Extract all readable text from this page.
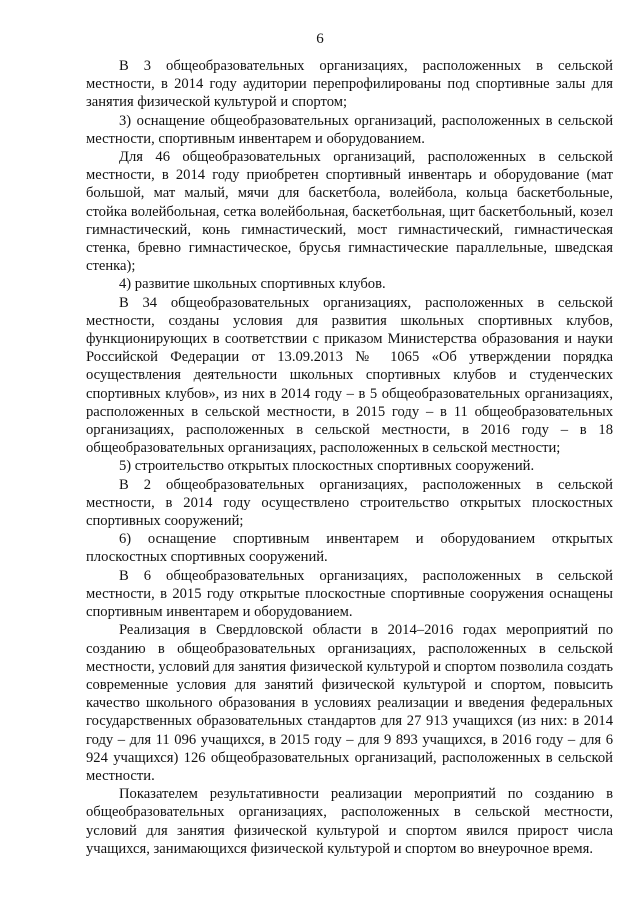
6

В 3 общеобразовательных организациях, расположенных в сельской местности, в 2014 году аудитории перепрофилированы под спортивные залы для занятия физической культурой и спортом;

3) оснащение общеобразовательных организаций, расположенных в сельской местности, спортивным инвентарем и оборудованием.

Для 46 общеобразовательных организаций, расположенных в сельской местности, в 2014 году приобретен спортивный инвентарь и оборудование (мат большой, мат малый, мячи для баскетбола, волейбола, кольца баскетбольные, стойка волейбольная, сетка волейбольная, баскетбольная, щит баскетбольный, козел гимнастический, конь гимнастический, мост гимнастический, гимнастическая стенка, бревно гимнастическое, брусья гимнастические параллельные, шведская стенка);

4) развитие школьных спортивных клубов.

В 34 общеобразовательных организациях, расположенных в сельской местности, созданы условия для развития школьных спортивных клубов, функционирующих в соответствии с приказом Министерства образования и науки Российской Федерации от 13.09.2013 № 1065 «Об утверждении порядка осуществления деятельности школьных спортивных клубов и студенческих спортивных клубов», из них в 2014 году – в 5 общеобразовательных организациях, расположенных в сельской местности, в 2015 году – в 11 общеобразовательных организациях, расположенных в сельской местности, в 2016 году – в 18 общеобразовательных организациях, расположенных в сельской местности;

5) строительство открытых плоскостных спортивных сооружений.

В 2 общеобразовательных организациях, расположенных в сельской местности, в 2014 году осуществлено строительство открытых плоскостных спортивных сооружений;

6) оснащение спортивным инвентарем и оборудованием открытых плоскостных спортивных сооружений.

В 6 общеобразовательных организациях, расположенных в сельской местности, в 2015 году открытые плоскостные спортивные сооружения оснащены спортивным инвентарем и оборудованием.

Реализация в Свердловской области в 2014–2016 годах мероприятий по созданию в общеобразовательных организациях, расположенных в сельской местности, условий для занятия физической культурой и спортом позволила создать современные условия для занятий физической культурой и спортом, повысить качество школьного образования в условиях реализации и введения федеральных государственных образовательных стандартов для 27 913 учащихся (из них: в 2014 году – для 11 096 учащихся, в 2015 году – для 9 893 учащихся, в 2016 году – для 6 924 учащихся) 126 общеобразовательных организаций, расположенных в сельской местности.

Показателем результативности реализации мероприятий по созданию в общеобразовательных организациях, расположенных в сельской местности, условий для занятия физической культурой и спортом явился прирост числа учащихся, занимающихся физической культурой и спортом во внеурочное время.
